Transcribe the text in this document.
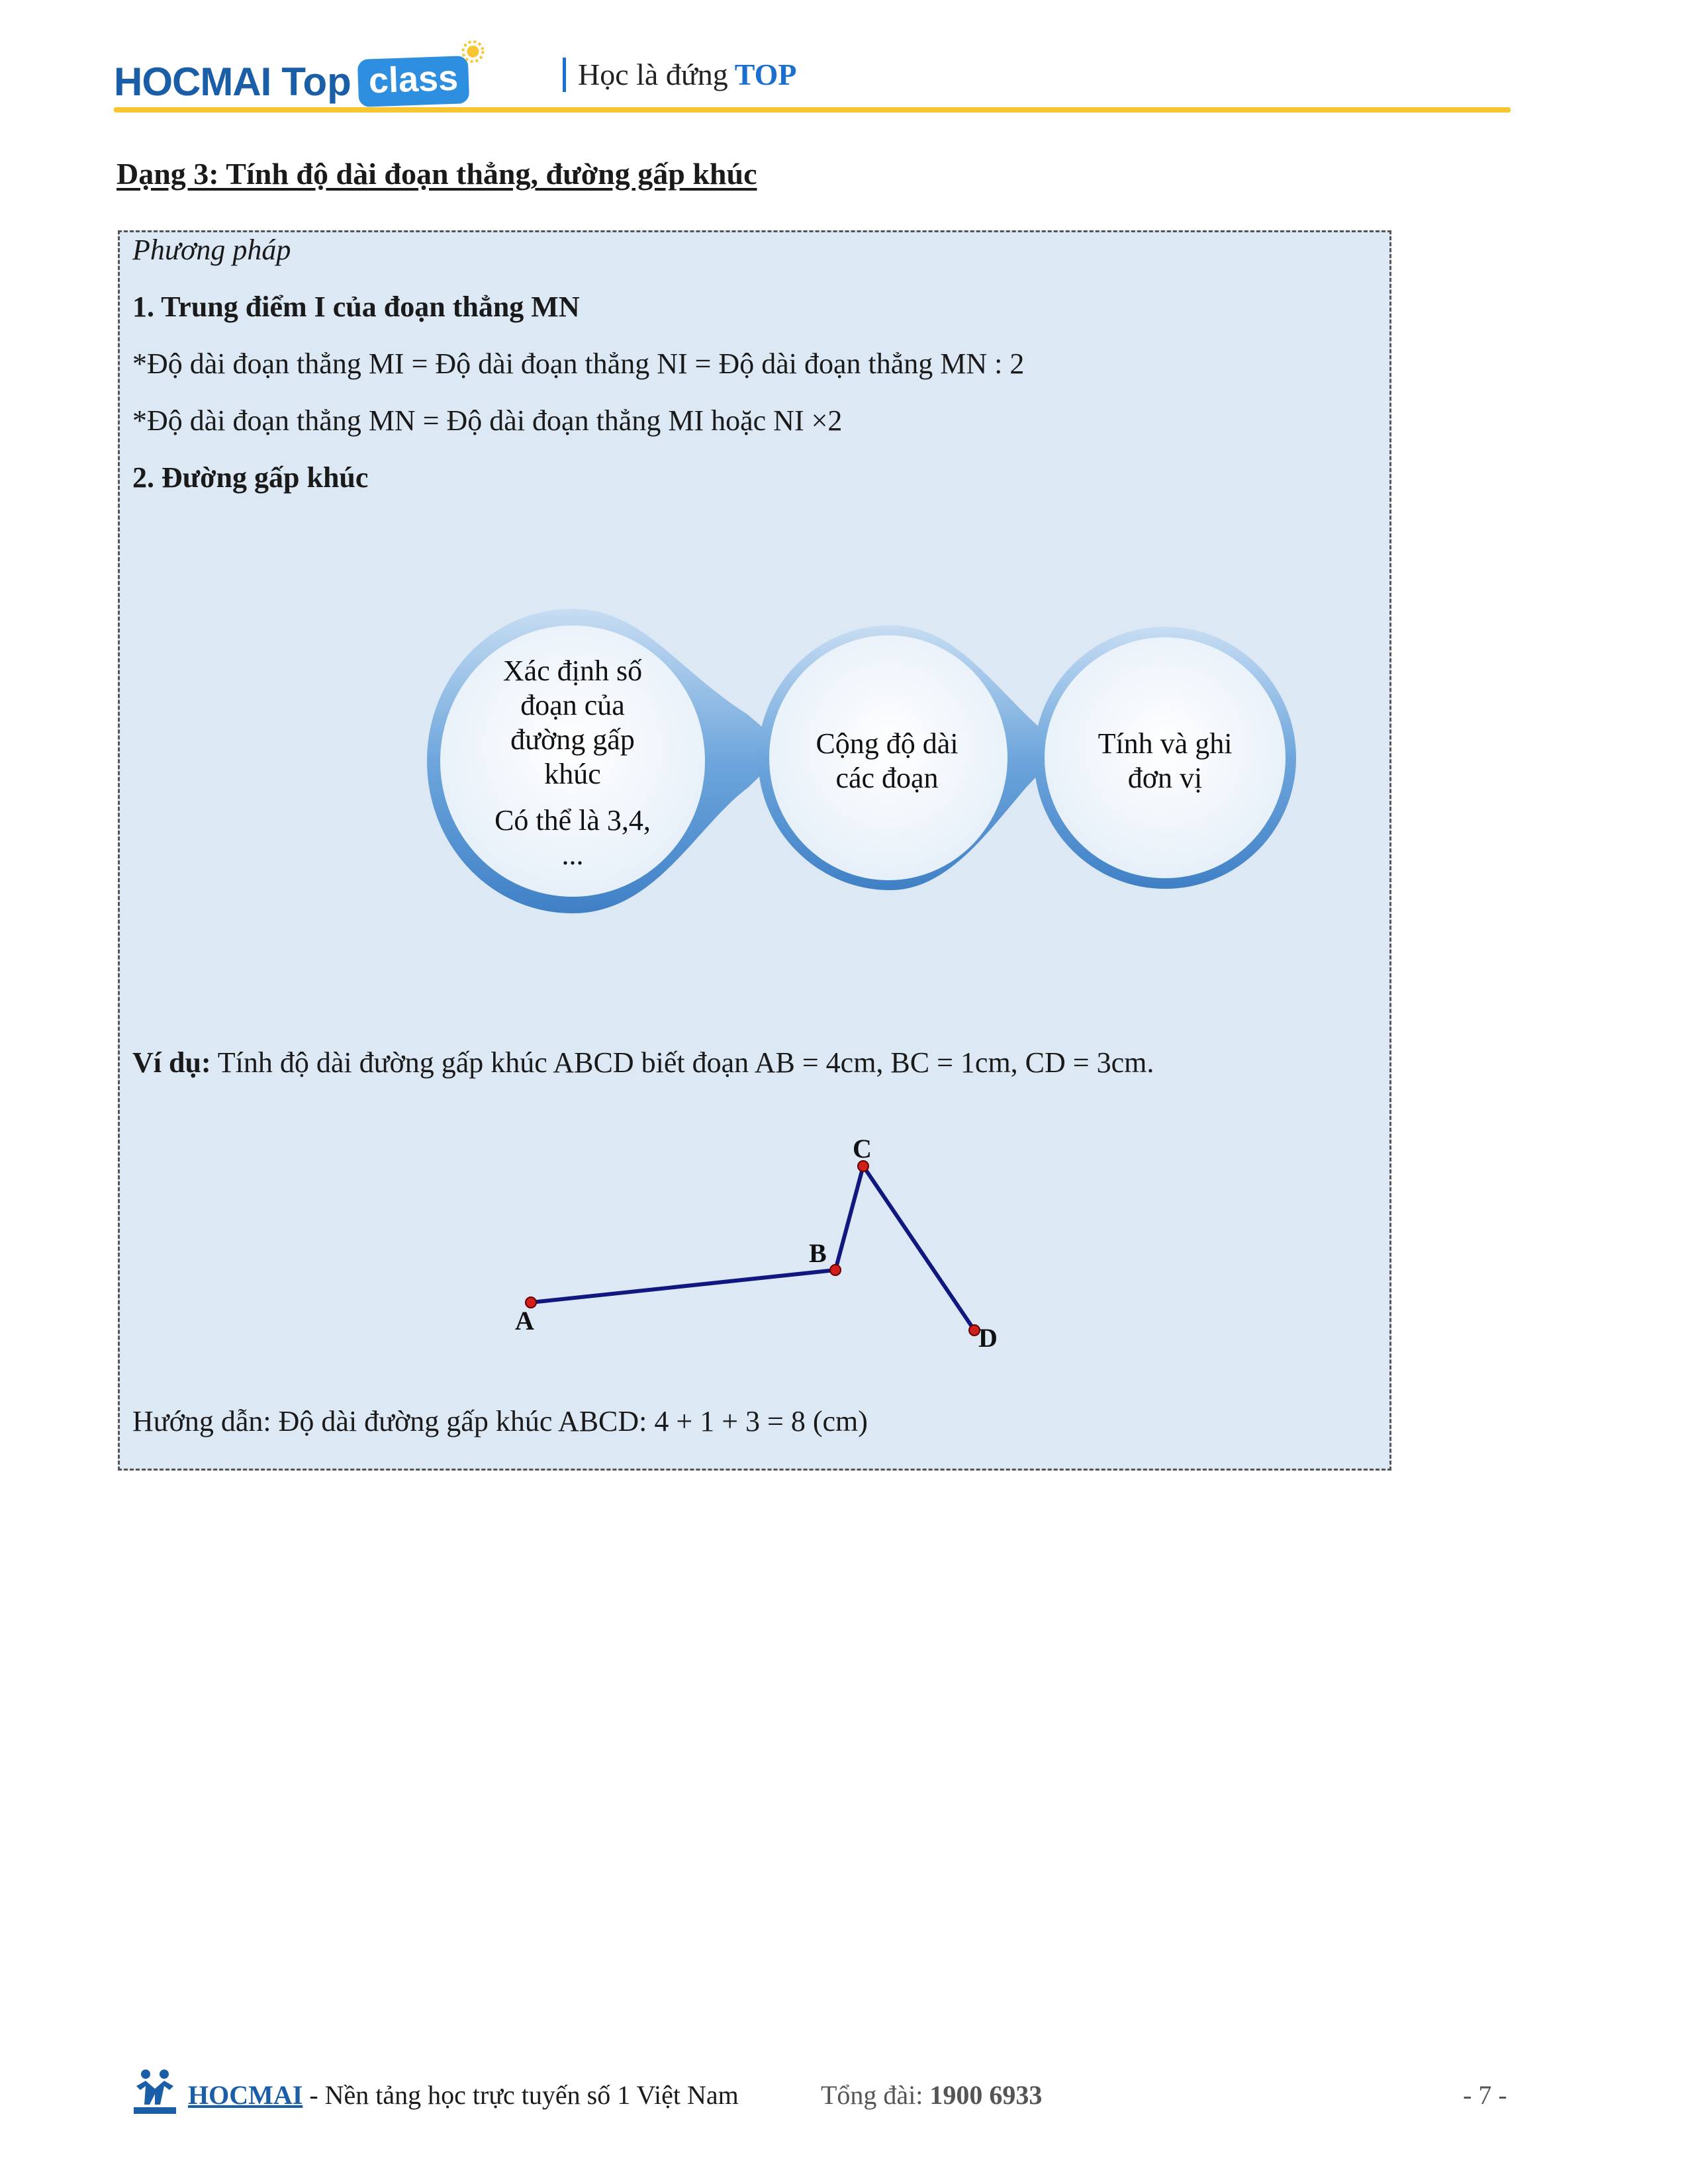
HOCMAI Top class	Học là đứng TOP
Dạng 3: Tính độ dài đoạn thẳng, đường gấp khúc
Phương pháp
1. Trung điểm I của đoạn thẳng MN
*Độ dài đoạn thẳng MI = Độ dài đoạn thẳng NI = Độ dài đoạn thẳng MN : 2
*Độ dài đoạn thẳng MN = Độ dài đoạn thẳng MI hoặc NI ×2
2. Đường gấp khúc
Xác định số
đoạn của
đường gấp
khúc
Có thể là 3,4,
...
Cộng độ dài
các đoạn
Tính và ghi
đơn vị
Ví dụ: Tính độ dài đường gấp khúc ABCD biết đoạn AB = 4cm, BC = 1cm, CD = 3cm.
A
B
C
D
Hướng dẫn: Độ dài đường gấp khúc ABCD: 4 + 1 + 3 = 8 (cm)
HOCMAI - Nền tảng học trực tuyến số 1 Việt Nam	Tổng đài: 1900 6933	- 7 -
